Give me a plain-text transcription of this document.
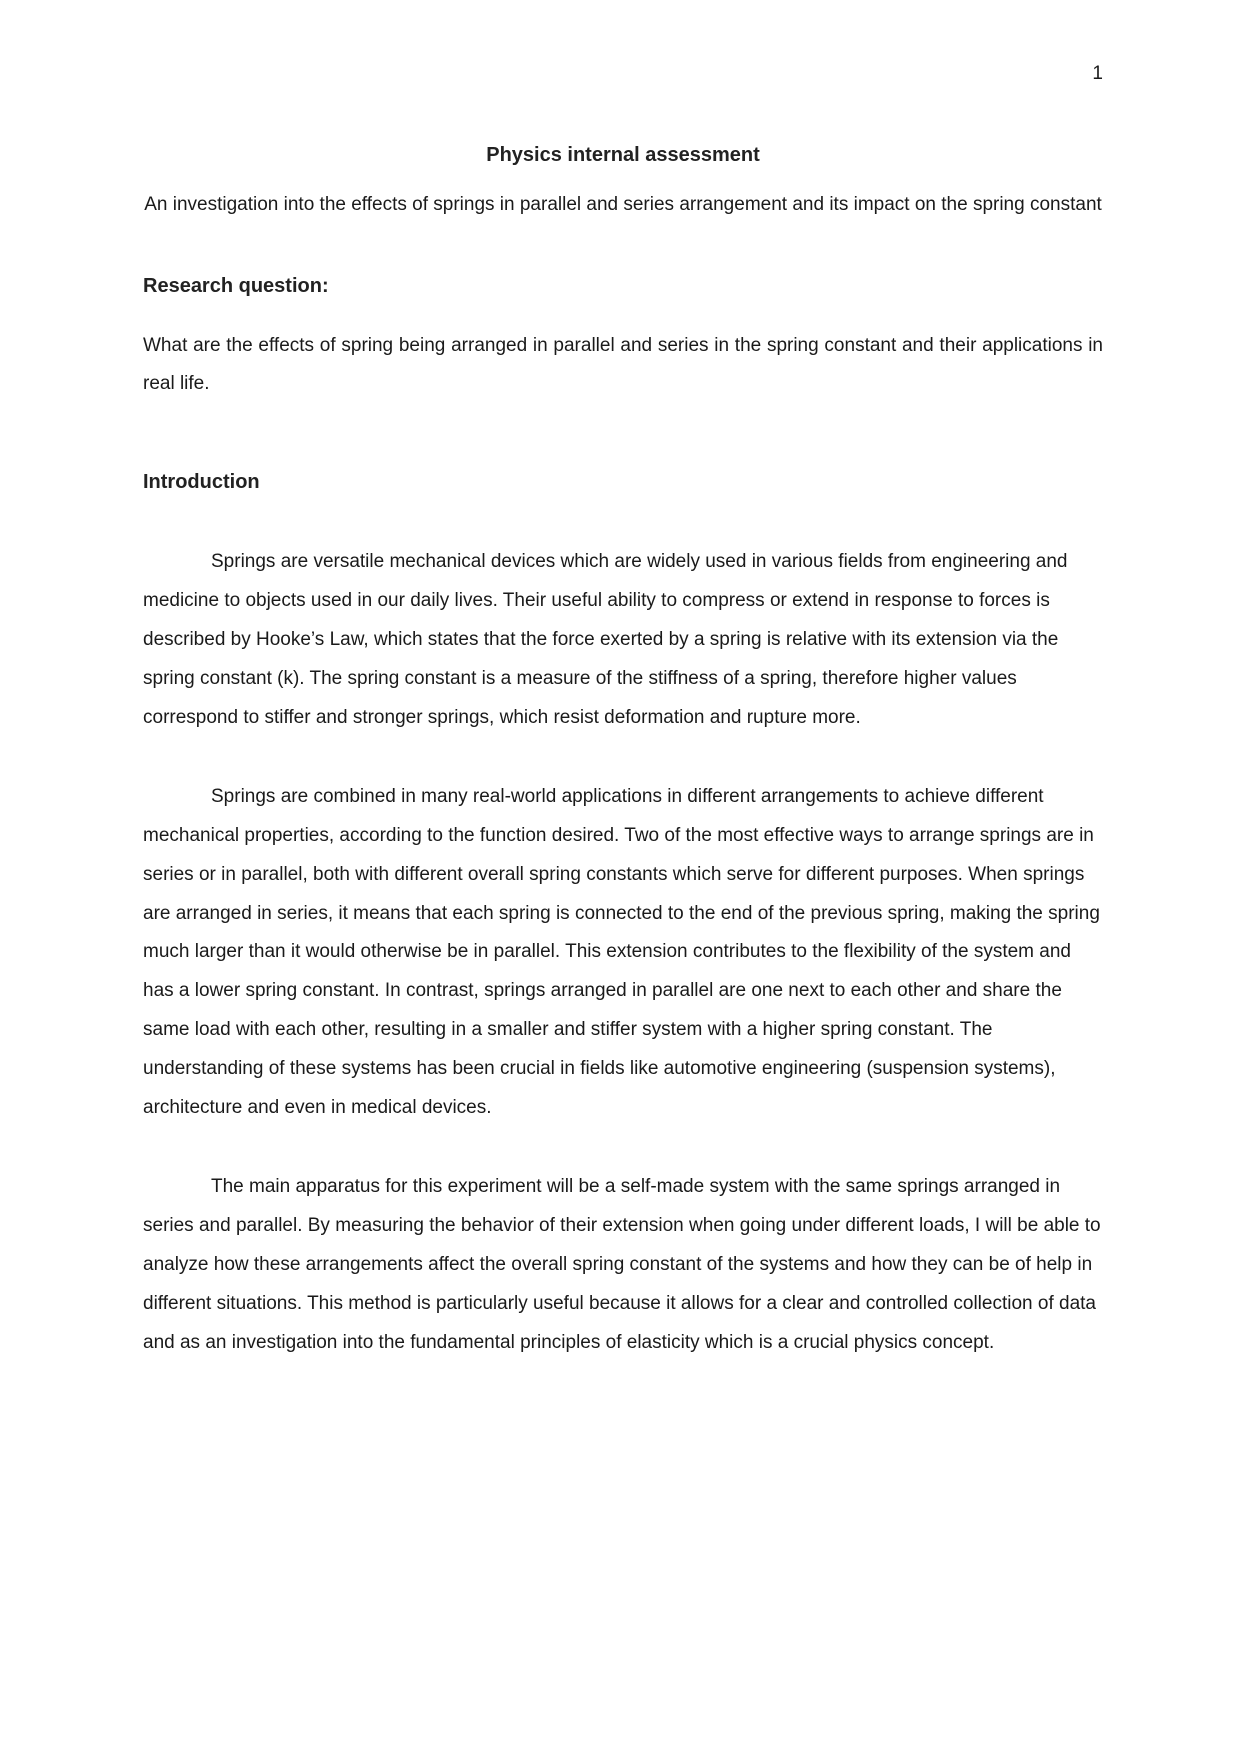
1
Physics internal assessment

An investigation into the effects of springs in parallel and series arrangement and its impact on the spring constant

Research question:

What are the effects of spring being arranged in parallel and series in the spring constant and their applications in real life.

Introduction

Springs are versatile mechanical devices which are widely used in various fields from engineering and medicine to objects used in our daily lives. Their useful ability to compress or extend in response to forces is described by Hooke’s Law, which states that the force exerted by a spring is relative with its extension via the spring constant (k). The spring constant is a measure of the stiffness of a spring, therefore higher values correspond to stiffer and stronger springs, which resist deformation and rupture more.

Springs are combined in many real-world applications in different arrangements to achieve different mechanical properties, according to the function desired. Two of the most effective ways to arrange springs are in series or in parallel, both with different overall spring constants which serve for different purposes. When springs are arranged in series, it means that each spring is connected to the end of the previous spring, making the spring much larger than it would otherwise be in parallel. This extension contributes to the flexibility of the system and has a lower spring constant. In contrast, springs arranged in parallel are one next to each other and share the same load with each other, resulting in a smaller and stiffer system with a higher spring constant. The understanding of these systems has been crucial in fields like automotive engineering (suspension systems), architecture and even in medical devices.

The main apparatus for this experiment will be a self-made system with the same springs arranged in series and parallel. By measuring the behavior of their extension when going under different loads, I will be able to analyze how these arrangements affect the overall spring constant of the systems and how they can be of help in different situations. This method is particularly useful because it allows for a clear and controlled collection of data and as an investigation into the fundamental principles of elasticity which is a crucial physics concept.
